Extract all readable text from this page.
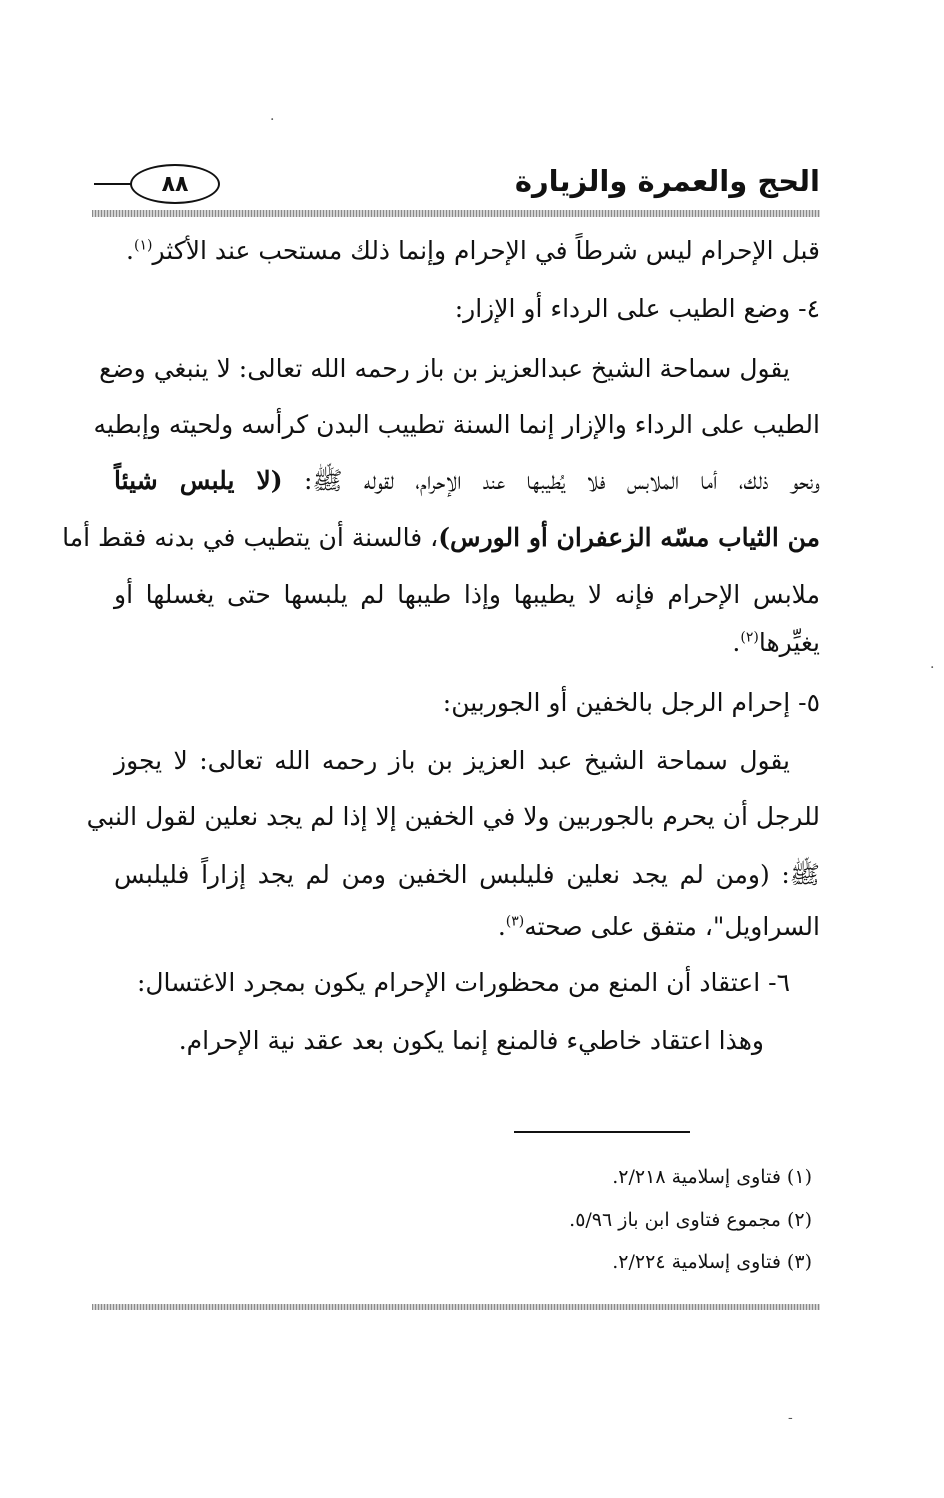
الحج والعمرة والزيارة
٨٨
قبل الإحرام ليس شرطاً في الإحرام وإنما ذلك مستحب عند الأكثر$^{(١)}$.
٤- وضع الطيب على الرداء أو الإزار:
يقول سماحة الشيخ عبدالعزيز بن باز رحمه الله تعالى: لا ينبغي وضع
الطيب على الرداء والإزار إنما السنة تطييب البدن كرأسه ولحيته وإبطيه
ونحو ذلك، أما الملابس فلا يُطيبها عند الإحرام، لقوله ﷺ: (لا يلبس شيئاً
من الثياب مسّه الزعفران أو الورس)، فالسنة أن يتطيب في بدنه فقط أما
ملابس الإحرام فإنه لا يطيبها وإذا طيبها لم يلبسها حتى يغسلها أو
يغيِّرها$^{(٢)}$.
٥- إحرام الرجل بالخفين أو الجوربين:
يقول سماحة الشيخ عبد العزيز بن باز رحمه الله تعالى: لا يجوز
للرجل أن يحرم بالجوربين ولا في الخفين إلا إذا لم يجد نعلين لقول النبي
ﷺ: (ومن لم يجد نعلين فليلبس الخفين ومن لم يجد إزاراً فليلبس
السراويل"، متفق على صحته$^{(٣)}$.
٦- اعتقاد أن المنع من محظورات الإحرام يكون بمجرد الاغتسال:
وهذا اعتقاد خاطيء فالمنع إنما يكون بعد عقد نية الإحرام.
(١) فتاوى إسلامية ٢/٢١٨.
(٢) مجموع فتاوى ابن باز ٥/٩٦.
(٣) فتاوى إسلامية ٢/٢٢٤.
·
·
-
